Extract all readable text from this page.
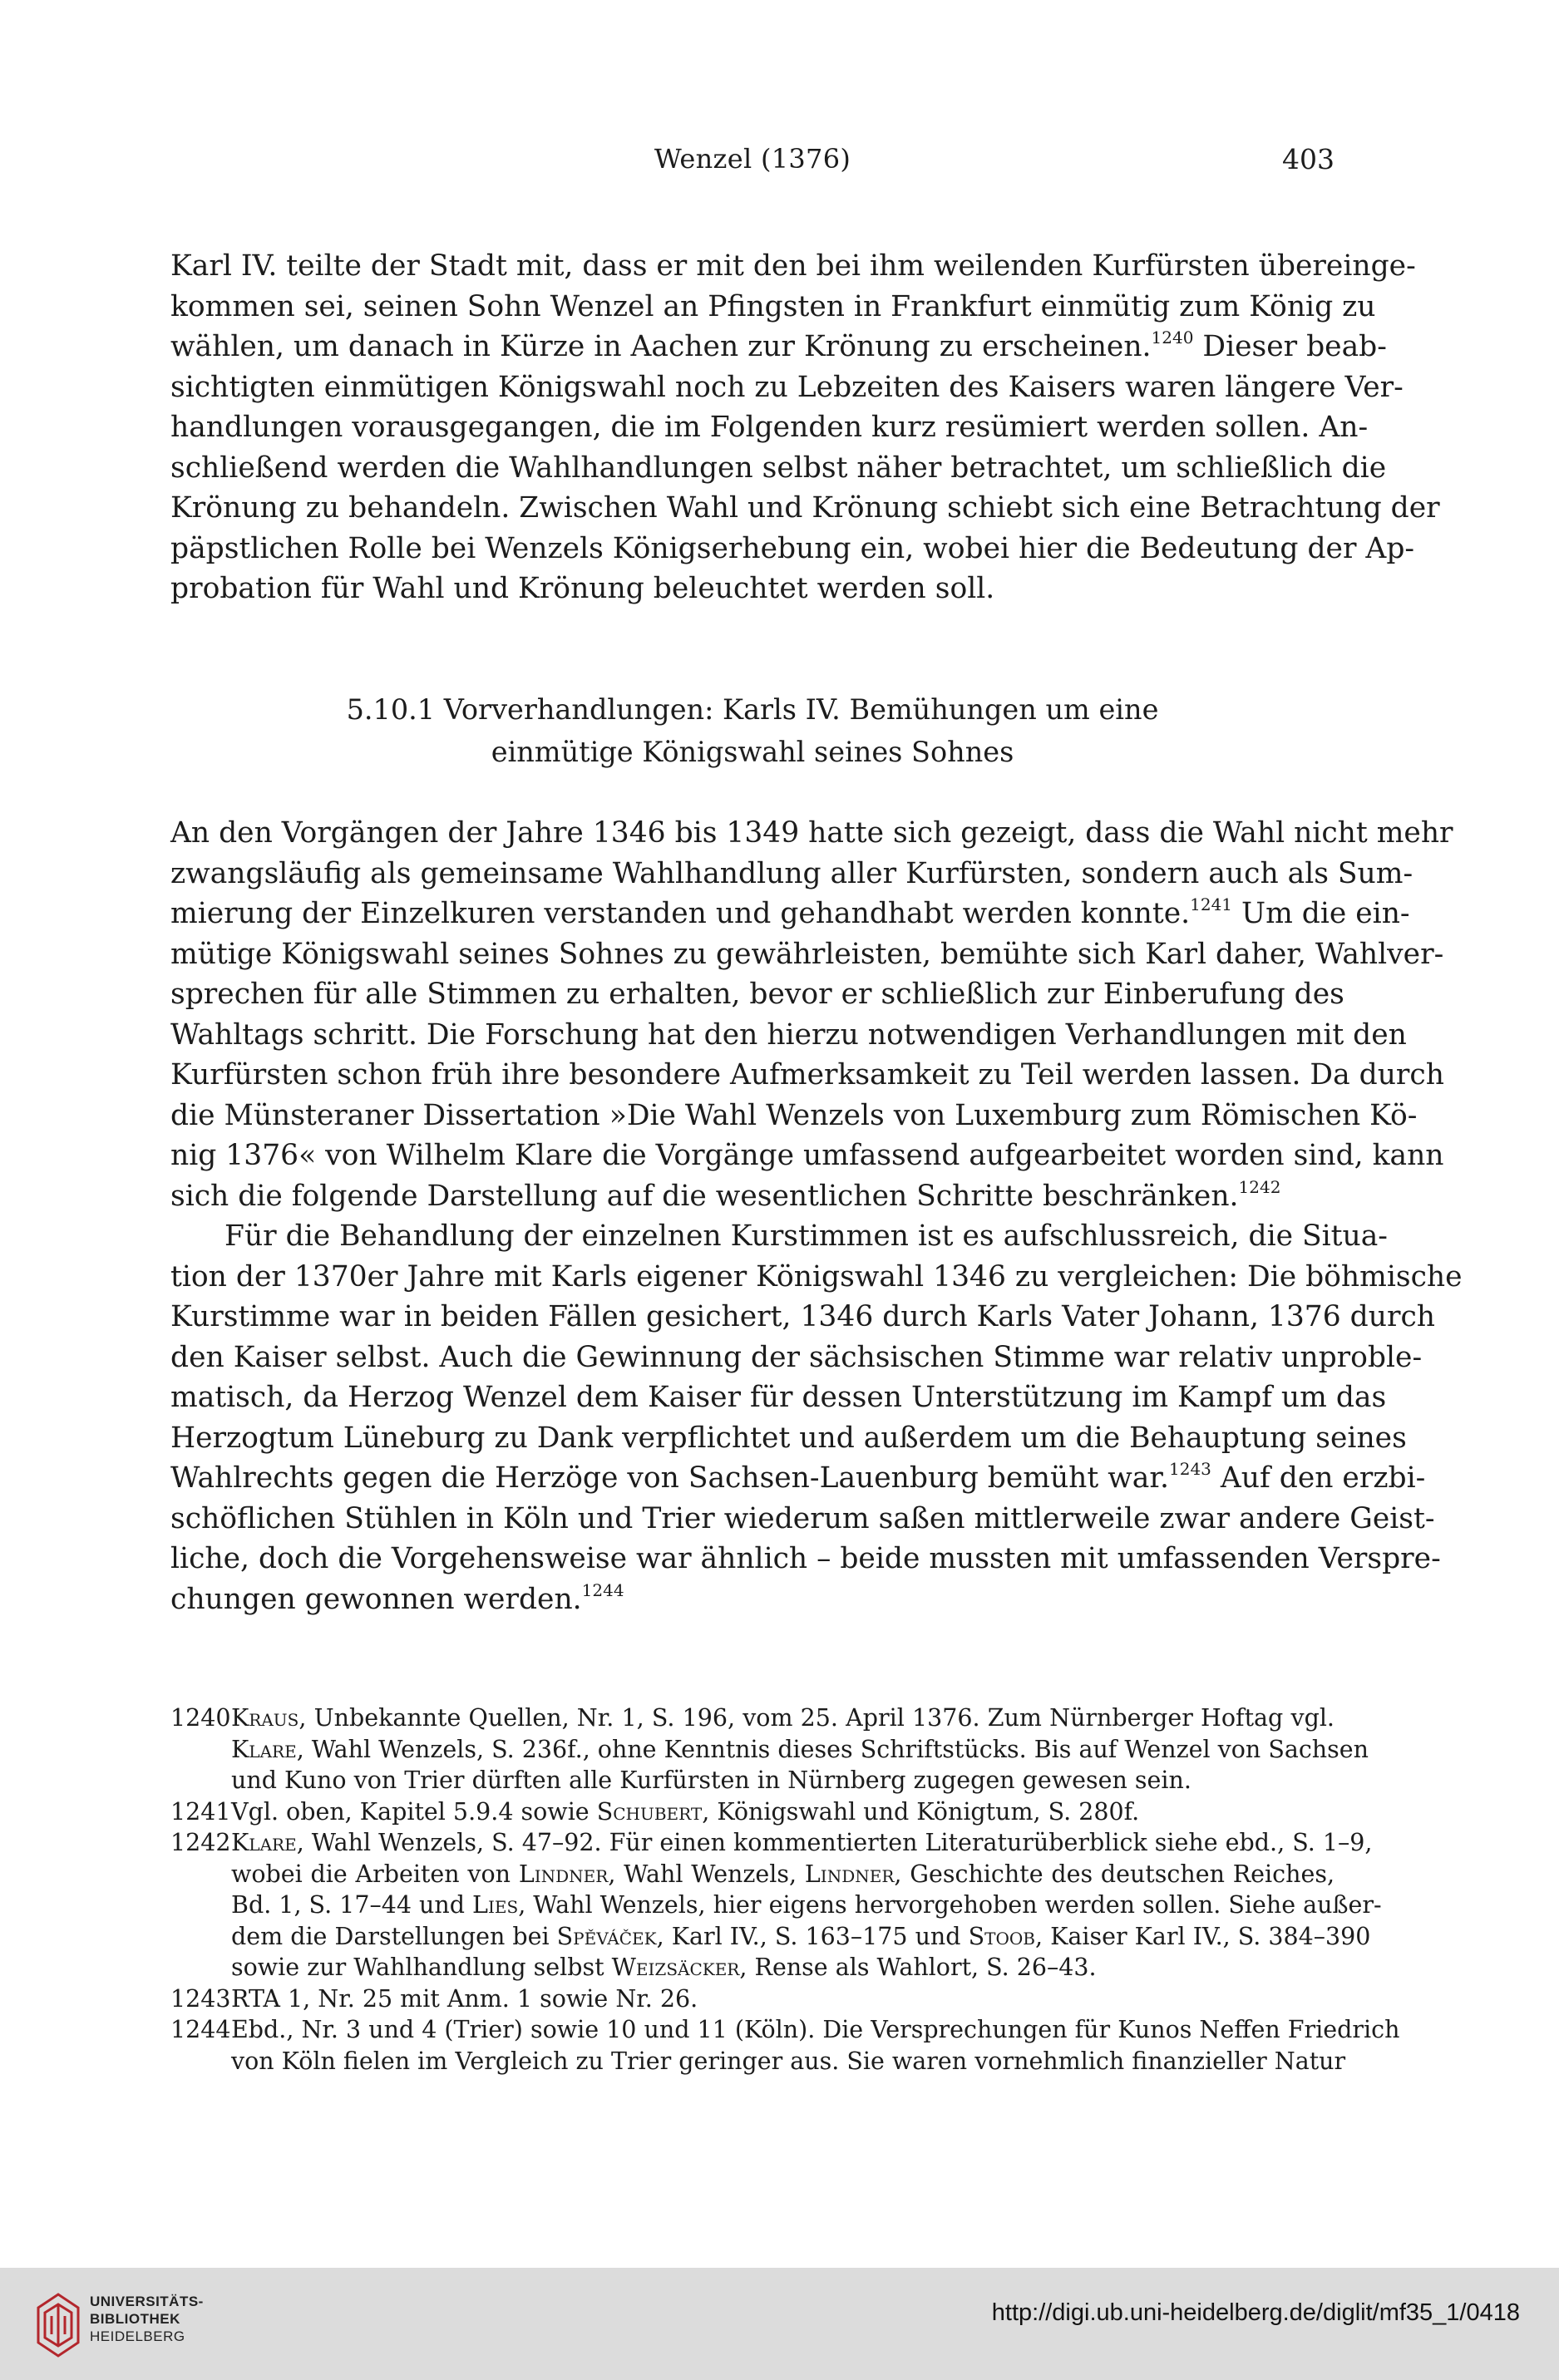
Wenzel (1376)	403
Karl IV. teilte der Stadt mit, dass er mit den bei ihm weilenden Kurfürsten übereinge-
kommen sei, seinen Sohn Wenzel an Pfingsten in Frankfurt einmütig zum König zu
wählen, um danach in Kürze in Aachen zur Krönung zu erscheinen.$^{1240}$ Dieser beab-
sichtigten einmütigen Königswahl noch zu Lebzeiten des Kaisers waren längere Ver-
handlungen vorausgegangen, die im Folgenden kurz resümiert werden sollen. An-
schließend werden die Wahlhandlungen selbst näher betrachtet, um schließlich die
Krönung zu behandeln. Zwischen Wahl und Krönung schiebt sich eine Betrachtung der
päpstlichen Rolle bei Wenzels Königserhebung ein, wobei hier die Bedeutung der Ap-
probation für Wahl und Krönung beleuchtet werden soll.
5.10.1 Vorverhandlungen: Karls IV. Bemühungen um eine
einmütige Königswahl seines Sohnes
An den Vorgängen der Jahre 1346 bis 1349 hatte sich gezeigt, dass die Wahl nicht mehr
zwangsläufig als gemeinsame Wahlhandlung aller Kurfürsten, sondern auch als Sum-
mierung der Einzelkuren verstanden und gehandhabt werden konnte.$^{1241}$ Um die ein-
mütige Königswahl seines Sohnes zu gewährleisten, bemühte sich Karl daher, Wahlver-
sprechen für alle Stimmen zu erhalten, bevor er schließlich zur Einberufung des
Wahltags schritt. Die Forschung hat den hierzu notwendigen Verhandlungen mit den
Kurfürsten schon früh ihre besondere Aufmerksamkeit zu Teil werden lassen. Da durch
die Münsteraner Dissertation »Die Wahl Wenzels von Luxemburg zum Römischen Kö-
nig 1376« von Wilhelm Klare die Vorgänge umfassend aufgearbeitet worden sind, kann
sich die folgende Darstellung auf die wesentlichen Schritte beschränken.$^{1242}$
Für die Behandlung der einzelnen Kurstimmen ist es aufschlussreich, die Situa-
tion der 1370er Jahre mit Karls eigener Königswahl 1346 zu vergleichen: Die böhmische
Kurstimme war in beiden Fällen gesichert, 1346 durch Karls Vater Johann, 1376 durch
den Kaiser selbst. Auch die Gewinnung der sächsischen Stimme war relativ unproble-
matisch, da Herzog Wenzel dem Kaiser für dessen Unterstützung im Kampf um das
Herzogtum Lüneburg zu Dank verpflichtet und außerdem um die Behauptung seines
Wahlrechts gegen die Herzöge von Sachsen-Lauenburg bemüht war.$^{1243}$ Auf den erzbi-
schöflichen Stühlen in Köln und Trier wiederum saßen mittlerweile zwar andere Geist-
liche, doch die Vorgehensweise war ähnlich – beide mussten mit umfassenden Verspre-
chungen gewonnen werden.$^{1244}$
1240 Kraus, Unbekannte Quellen, Nr. 1, S. 196, vom 25. April 1376. Zum Nürnberger Hoftag vgl.
Klare, Wahl Wenzels, S. 236f., ohne Kenntnis dieses Schriftstücks. Bis auf Wenzel von Sachsen
und Kuno von Trier dürften alle Kurfürsten in Nürnberg zugegen gewesen sein.
1241 Vgl. oben, Kapitel 5.9.4 sowie Schubert, Königswahl und Königtum, S. 280f.
1242 Klare, Wahl Wenzels, S. 47–92. Für einen kommentierten Literaturüberblick siehe ebd., S. 1–9,
wobei die Arbeiten von Lindner, Wahl Wenzels, Lindner, Geschichte des deutschen Reiches,
Bd. 1, S. 17–44 und Lies, Wahl Wenzels, hier eigens hervorgehoben werden sollen. Siehe außer-
dem die Darstellungen bei Spěváček, Karl IV., S. 163–175 und Stoob, Kaiser Karl IV., S. 384–390
sowie zur Wahlhandlung selbst Weizsäcker, Rense als Wahlort, S. 26–43.
1243 RTA 1, Nr. 25 mit Anm. 1 sowie Nr. 26.
1244 Ebd., Nr. 3 und 4 (Trier) sowie 10 und 11 (Köln). Die Versprechungen für Kunos Neffen Friedrich
von Köln fielen im Vergleich zu Trier geringer aus. Sie waren vornehmlich finanzieller Natur
UNIVERSITÄTS-
BIBLIOTHEK
HEIDELBERG
http://digi.ub.uni-heidelberg.de/diglit/mf35_1/0418
